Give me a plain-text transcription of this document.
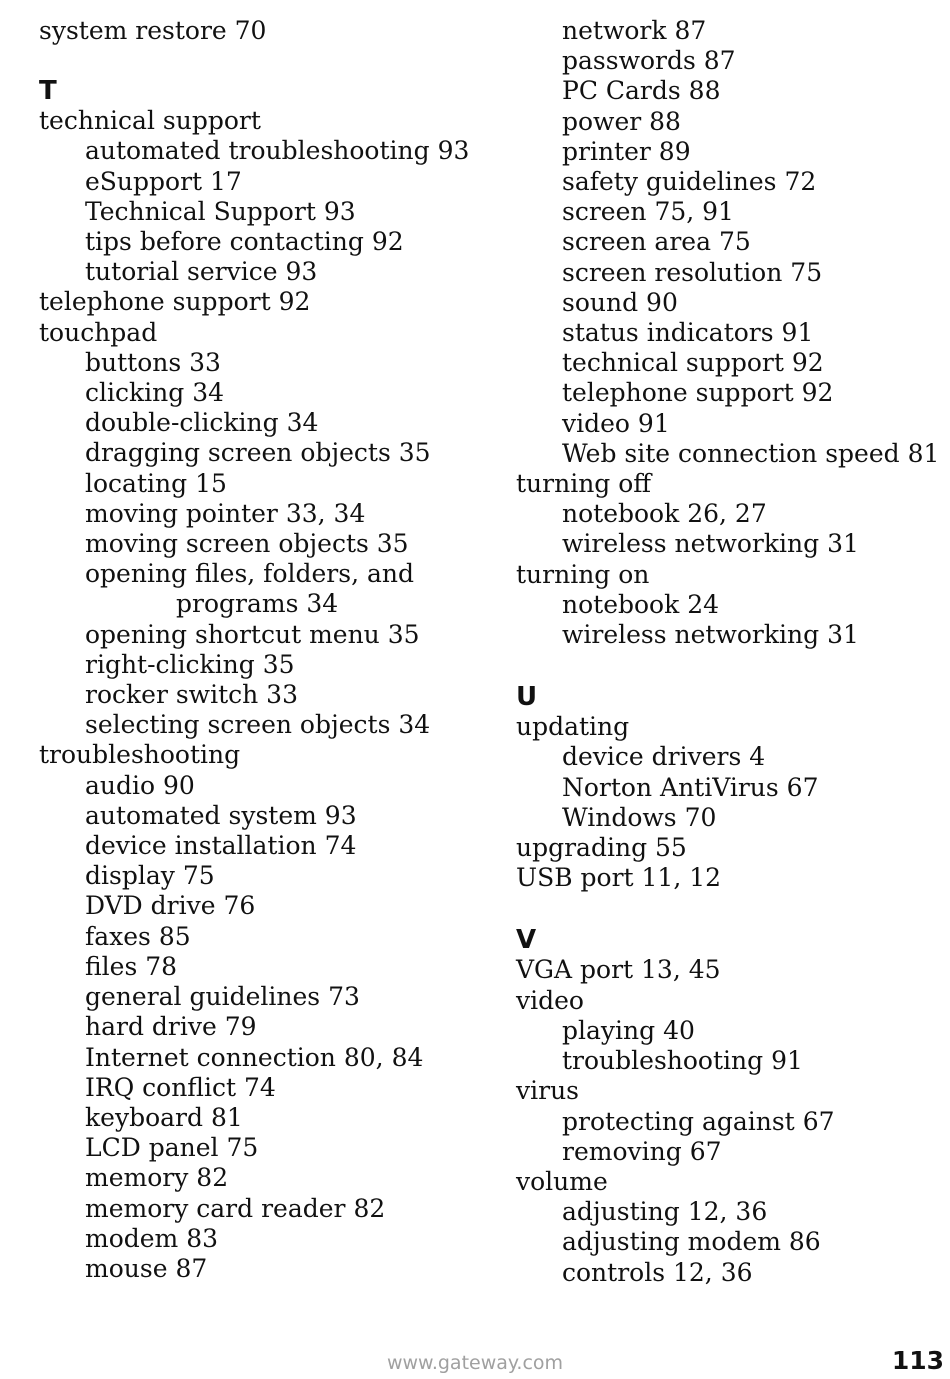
system restore 70
T
technical support
automated troubleshooting 93
eSupport 17
Technical Support 93
tips before contacting 92
tutorial service 93
telephone support 92
touchpad
buttons 33
clicking 34
double-clicking 34
dragging screen objects 35
locating 15
moving pointer 33, 34
moving screen objects 35
opening files, folders, and
programs 34
opening shortcut menu 35
right-clicking 35
rocker switch 33
selecting screen objects 34
troubleshooting
audio 90
automated system 93
device installation 74
display 75
DVD drive 76
faxes 85
files 78
general guidelines 73
hard drive 79
Internet connection 80, 84
IRQ conflict 74
keyboard 81
LCD panel 75
memory 82
memory card reader 82
modem 83
mouse 87
network 87
passwords 87
PC Cards 88
power 88
printer 89
safety guidelines 72
screen 75, 91
screen area 75
screen resolution 75
sound 90
status indicators 91
technical support 92
telephone support 92
video 91
Web site connection speed 81
turning off
notebook 26, 27
wireless networking 31
turning on
notebook 24
wireless networking 31
U
updating
device drivers 4
Norton AntiVirus 67
Windows 70
upgrading 55
USB port 11, 12
V
VGA port 13, 45
video
playing 40
troubleshooting 91
virus
protecting against 67
removing 67
volume
adjusting 12, 36
adjusting modem 86
controls 12, 36
www.gateway.com	113
